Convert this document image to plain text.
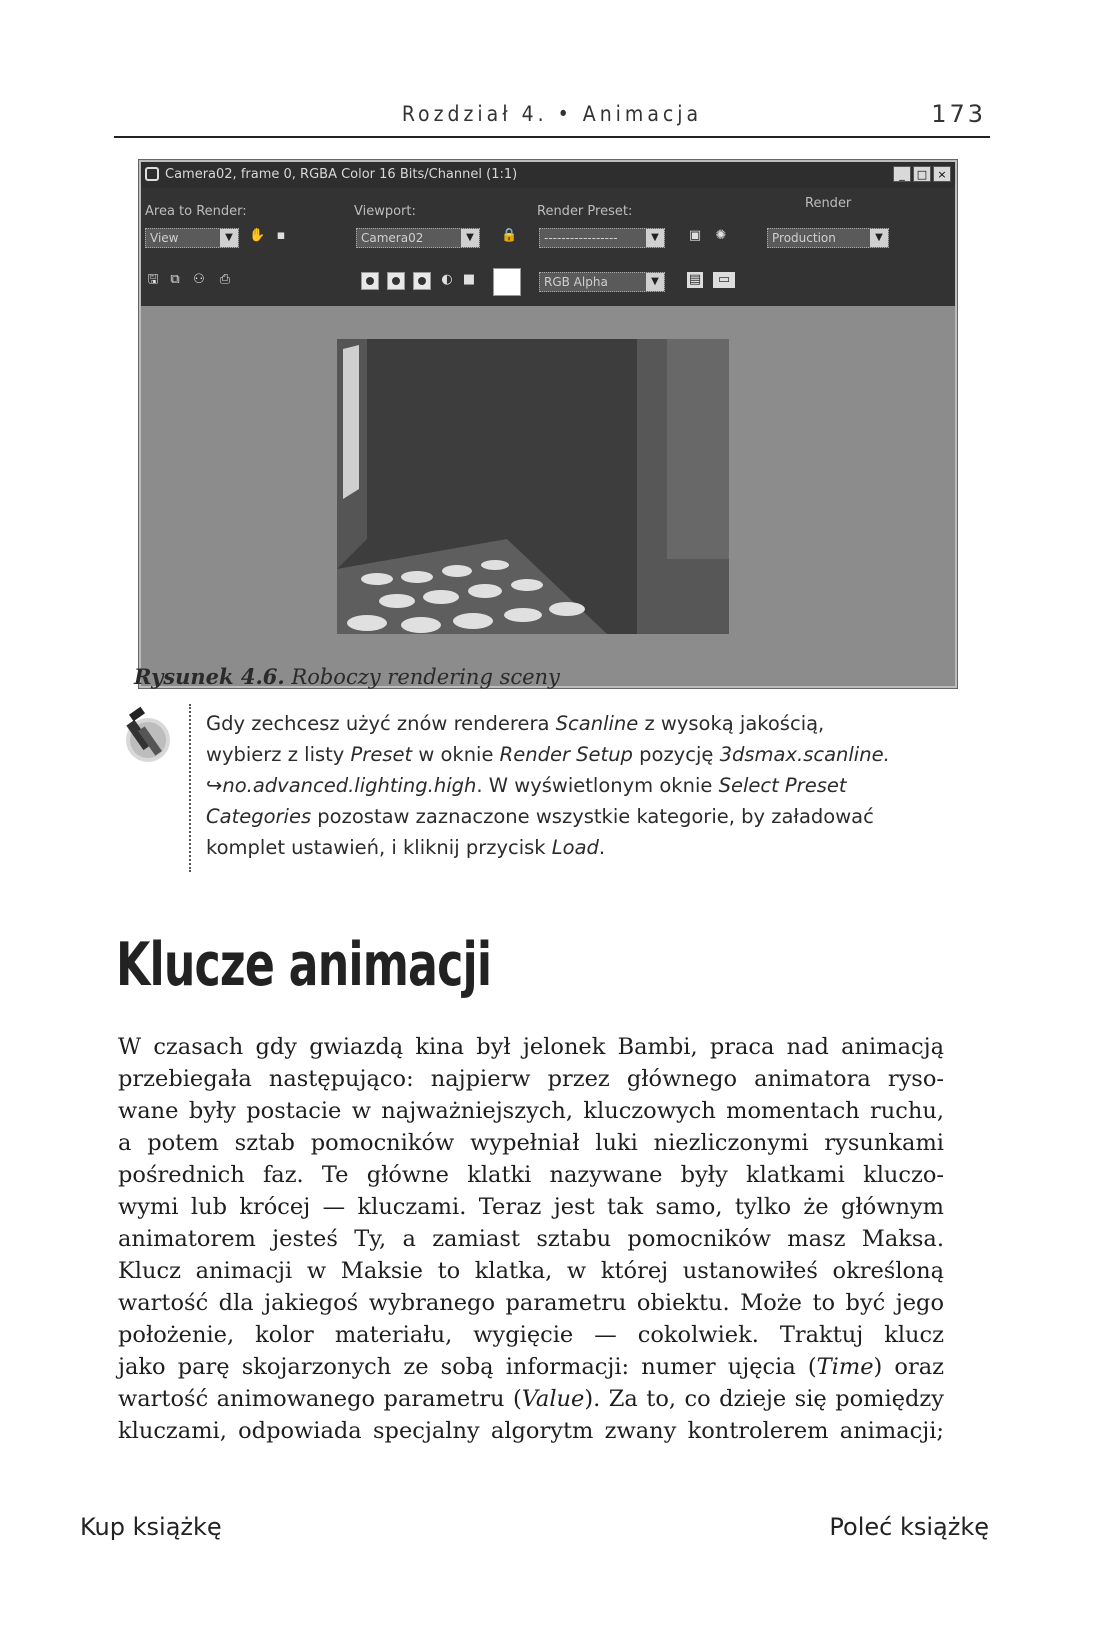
Rozdział 4. • Animacja	173
Camera02, frame 0, RGBA Color 16 Bits/Channel (1:1)	_	□ ×
Area to Render:	Viewport:	Render Preset:
Render
View	▼	✋ ▪	Camera02	▼	🔒	-----------------	▼	▣ ✺	Production	▼
🖫 ⧉ ⚇ ⎙	◐ ■	RGB Alpha	▼	▤	▭
Rysunek 4.6. Roboczy rendering sceny

Gdy zechcesz użyć znów renderera Scanline z wysoką jakością,

wybierz z listy Preset w oknie Render Setup pozycję 3dsmax.scanline.

↪no.advanced.lighting.high. W wyświetlonym oknie Select Preset

Categories pozostaw zaznaczone wszystkie kategorie, by załadować

komplet ustawień, i kliknij przycisk Load.

Klucze animacji
W czasach gdy gwiazdą kina był jelonek Bambi, praca nad animacją
przebiegała następująco: najpierw przez głównego animatora ryso-
wane były postacie w najważniejszych, kluczowych momentach ruchu,
a potem sztab pomocników wypełniał luki niezliczonymi rysunkami
pośrednich faz. Te główne klatki nazywane były klatkami kluczo-
wymi lub krócej — kluczami. Teraz jest tak samo, tylko że głównym
animatorem jesteś Ty, a zamiast sztabu pomocników masz Maksa.
Klucz animacji w Maksie to klatka, w której ustanowiłeś określoną
wartość dla jakiegoś wybranego parametru obiektu. Może to być jego
położenie, kolor materiału, wygięcie — cokolwiek. Traktuj klucz
jako parę skojarzonych ze sobą informacji: numer ujęcia (Time) oraz
wartość animowanego parametru (Value). Za to, co dzieje się pomiędzy
kluczami, odpowiada specjalny algorytm zwany kontrolerem animacji;
Kup książkę	Poleć książkę
